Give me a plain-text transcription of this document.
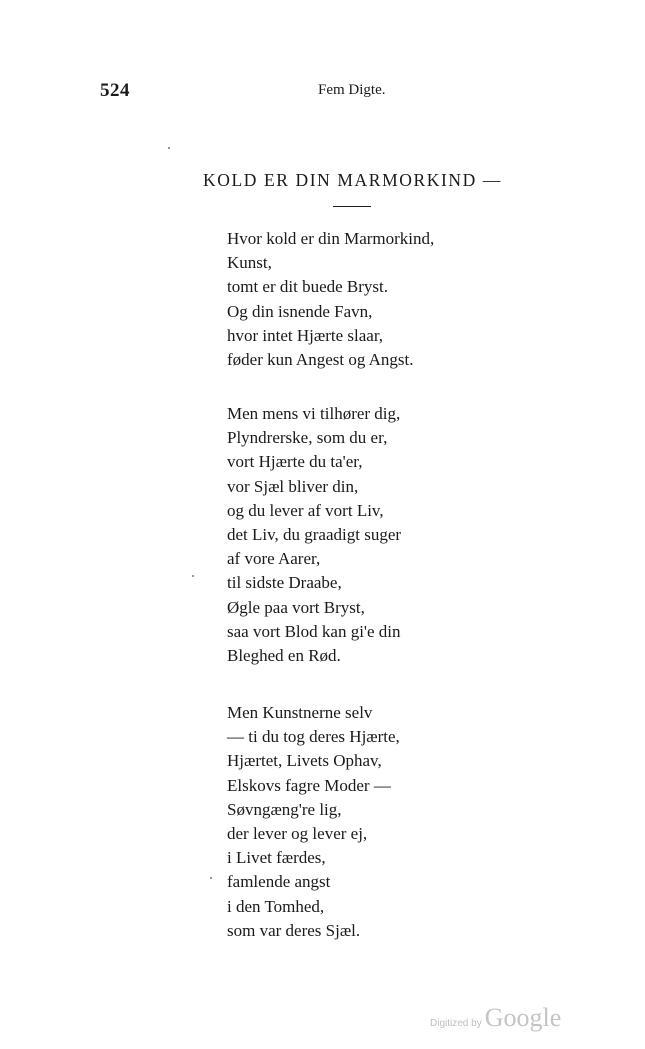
524	Fem Digte.
KOLD ER DIN MARMORKIND —
Hvor kold er din Marmorkind,
Kunst,
tomt er dit buede Bryst.
Og din isnende Favn,
hvor intet Hjærte slaar,
føder kun Angest og Angst.
Men mens vi tilhører dig,
Plyndrerske, som du er,
vort Hjærte du ta'er,
vor Sjæl bliver din,
og du lever af vort Liv,
det Liv, du graadigt suger
af vore Aarer,
til sidste Draabe,
Øgle paa vort Bryst,
saa vort Blod kan gi'e din
Bleghed en Rød.
Men Kunstnerne selv
— ti du tog deres Hjærte,
Hjærtet, Livets Ophav,
Elskovs fagre Moder —
Søvngæng're lig,
der lever og lever ej,
i Livet færdes,
famlende angst
i den Tomhed,
som var deres Sjæl.
Digitized by Google
